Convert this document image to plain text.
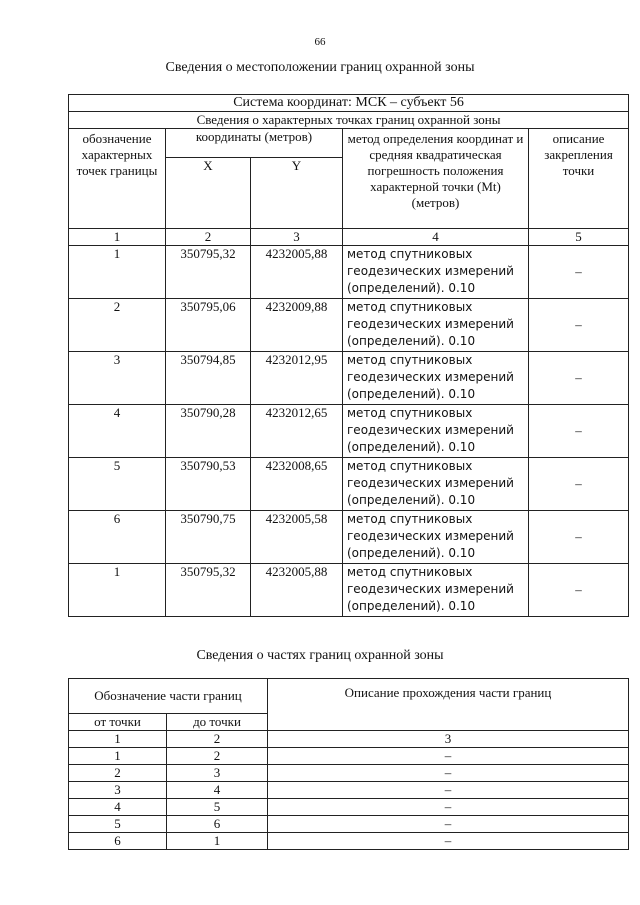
66
Сведения о местоположении границ охранной зоны
Система координат: МСК – субъект 56				
Сведения о характерных точках границ охранной зоны				
обозначение характерных точек границы	координаты (метров)		метод определения координат и средняя квадратическая погрешность положения характерной точки (Mt) (метров)	описание закрепления точки
	X	Y		
1	2	3	4	5
1	350795,32	4232005,88	метод спутниковых геодезических измерений (определений). 0.10	–
2	350795,06	4232009,88	метод спутниковых геодезических измерений (определений). 0.10	–
3	350794,85	4232012,95	метод спутниковых геодезических измерений (определений). 0.10	–
4	350790,28	4232012,65	метод спутниковых геодезических измерений (определений). 0.10	–
5	350790,53	4232008,65	метод спутниковых геодезических измерений (определений). 0.10	–
6	350790,75	4232005,58	метод спутниковых геодезических измерений (определений). 0.10	–
1	350795,32	4232005,88	метод спутниковых геодезических измерений (определений). 0.10	–
Сведения о частях границ охранной зоны
Обозначение части границ		Описание прохождения части границ
от точки	до точки	
1	2	3
1	2	–
2	3	–
3	4	–
4	5	–
5	6	–
6	1	–
